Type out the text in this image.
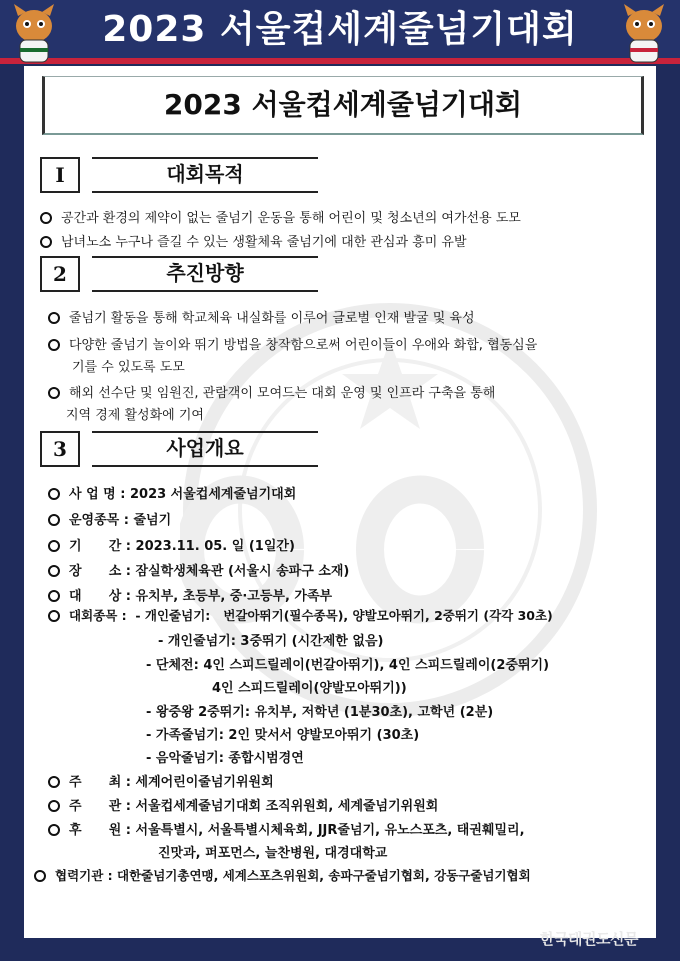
2023 서울컵세계줄넘기대회
2023 서울컵세계줄넘기대회
I	대회목적
공간과 환경의 제약이 없는 줄넘기 운동을 통해 어린이 및 청소년의 여가선용 도모
남녀노소 누구나 즐길 수 있는 생활체육 줄넘기에 대한 관심과 흥미 유발
2	추진방향
줄넘기 활동을 통해 학교체육 내실화를 이루어 글로벌 인재 발굴 및 육성
다양한 줄넘기 놀이와 뛰기 방법을 창작함으로써 어린이들이 우애와 화합, 협동심을
기를 수 있도록 도모
해외 선수단 및 임원진, 관람객이 모여드는 대회 운영 및 인프라 구축을 통해
지역 경제 활성화에 기여
3	사업개요
사 업 명 : 2023 서울컵세계줄넘기대회
운영종목 : 줄넘기
기      간 : 2023.11. 05. 일 (1일간)
장      소 : 잠실학생체육관 (서울시 송파구 소재)
대      상 : 유치부, 초등부, 중·고등부, 가족부
대회종목 :  - 개인줄넘기:   번갈아뛰기(필수종목), 양발모아뛰기, 2중뛰기 (각각 30초)
- 개인줄넘기: 3중뛰기 (시간제한 없음)
- 단체전: 4인 스피드릴레이(번갈아뛰기), 4인 스피드릴레이(2중뛰기)
4인 스피드릴레이(양발모아뛰기))
- 왕중왕 2중뛰기: 유치부, 저학년 (1분30초), 고학년 (2분)
- 가족줄넘기: 2인 맞서서 양발모아뛰기 (30초)
- 음악줄넘기: 종합시범경연
주      최 : 세계어린이줄넘기위원회
주      관 : 서울컵세계줄넘기대회 조직위원회, 세계줄넘기위원회
후      원 : 서울특별시, 서울특별시체육회, JJR줄넘기, 유노스포츠, 태권훼밀리,
진맛과, 퍼포먼스, 늘찬병원, 대경대학교
협력기관 : 대한줄넘기총연맹, 세계스포츠위원회, 송파구줄넘기협회, 강동구줄넘기협회
한국태권도신문
